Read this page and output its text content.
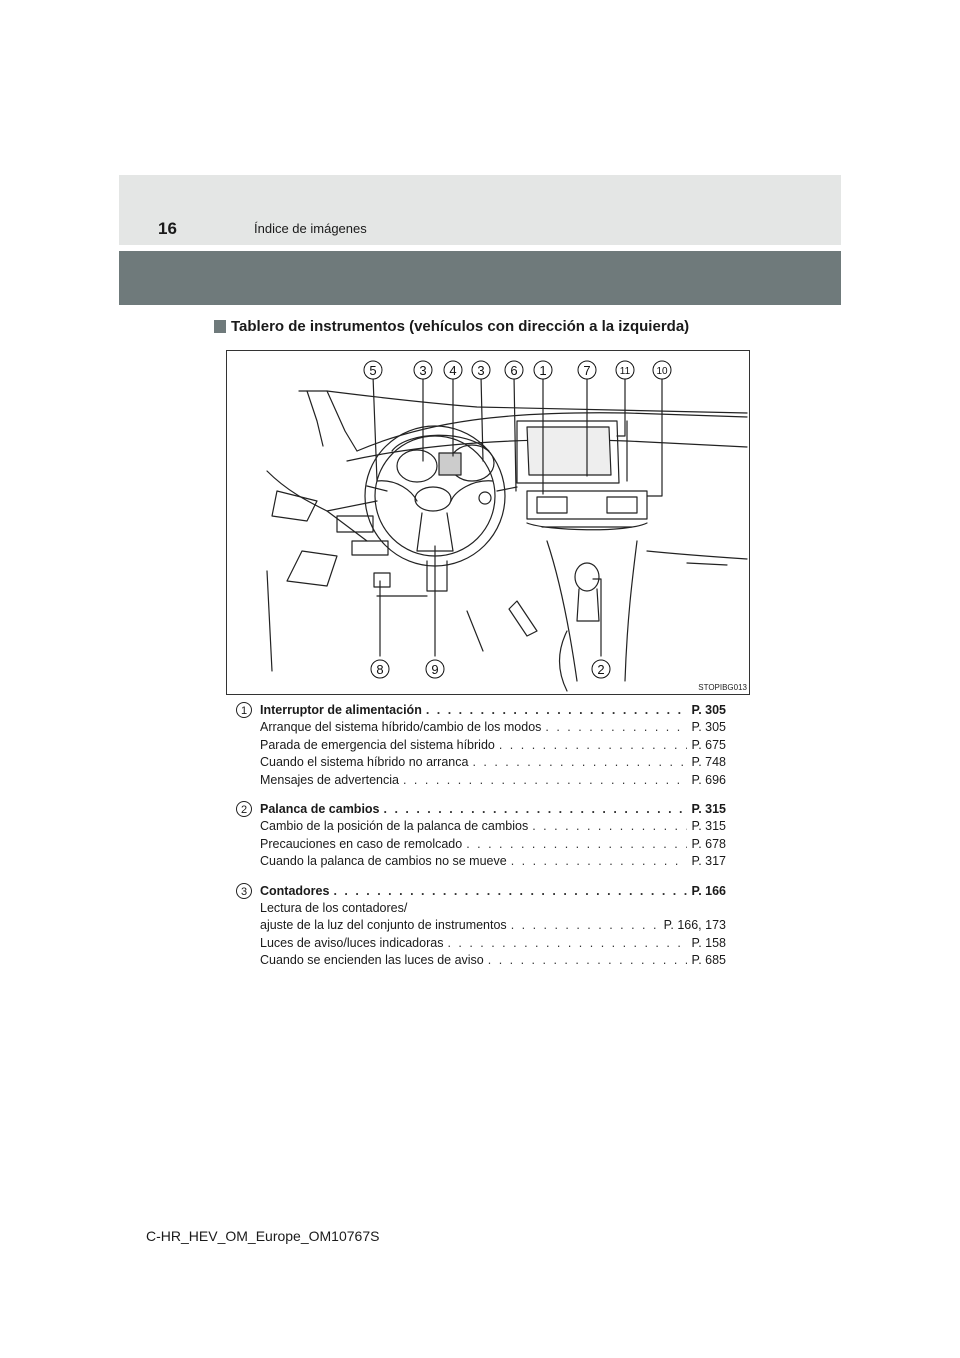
16	Índice de imágenes
Tablero de instrumentos (vehículos con dirección a la izquierda)
5	3 4 3 6 1	7	11	10
8	9	2
STOPIBG013
1	Interruptor de alimentación . . .	P. 305
Arranque del sistema híbrido/cambio de los modos . . .	P. 305
Parada de emergencia del sistema híbrido . . .	P. 675
Cuando el sistema híbrido no arranca . . .	P. 748
Mensajes de advertencia . . .	P. 696
2	Palanca de cambios . . .	P. 315
Cambio de la posición de la palanca de cambios . . .	P. 315
Precauciones en caso de remolcado . . .	P. 678
Cuando la palanca de cambios no se mueve . . .	P. 317
3	Contadores . . .	P. 166
Lectura de los contadores/
ajuste de la luz del conjunto de instrumentos . . .	P. 166, 173
Luces de aviso/luces indicadoras . . .	P. 158
Cuando se encienden las luces de aviso . . .	P. 685
C-HR_HEV_OM_Europe_OM10767S
